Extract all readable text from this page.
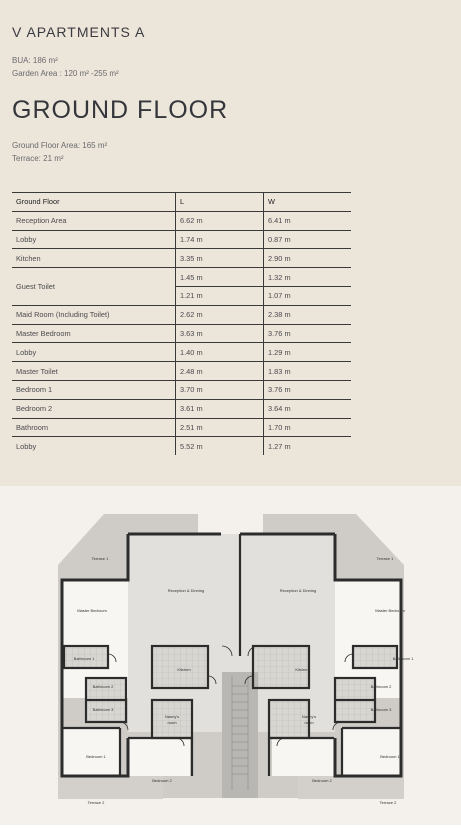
V APARTMENTS A
BUA: 186 m²
Garden Area : 120 m² -255 m²
GROUND FLOOR
Ground Floor Area: 165 m²
Terrace: 21 m²
Ground Floor	L	W
Reception Area	6.62 m	6.41 m
Lobby	1.74 m	0.87 m
Kitchen	3.35 m	2.90 m
Guest Toilet	1.45 m	1.32 m
	1.21 m	1.07 m
Maid Room (Including Toilet)	2.62 m	2.38 m
Master Bedroom	3.63 m	3.76 m
Lobby	1.40 m	1.29 m
Master Toilet	2.48 m	1.83 m
Bedroom 1	3.70 m	3.76 m
Bedroom 2	3.61 m	3.64 m
Bathroom	2.51 m	1.70 m
Lobby	5.52 m	1.27 m
Terrace 1
Reception & Dinning
Master Bedroom
Bathroom 1
Bathroom 2
Bathroom 3
Kitchen
Nanny's
room
Bedroom 1
Bedroom 2
Terrace 2
Terrace 1
Reception & Dinning
Master Bedroom
Bathroom 1
Bathroom 2
Bathroom 3
Kitchen
Nanny's
room
Bedroom 1
Bedroom 2
Terrace 2
